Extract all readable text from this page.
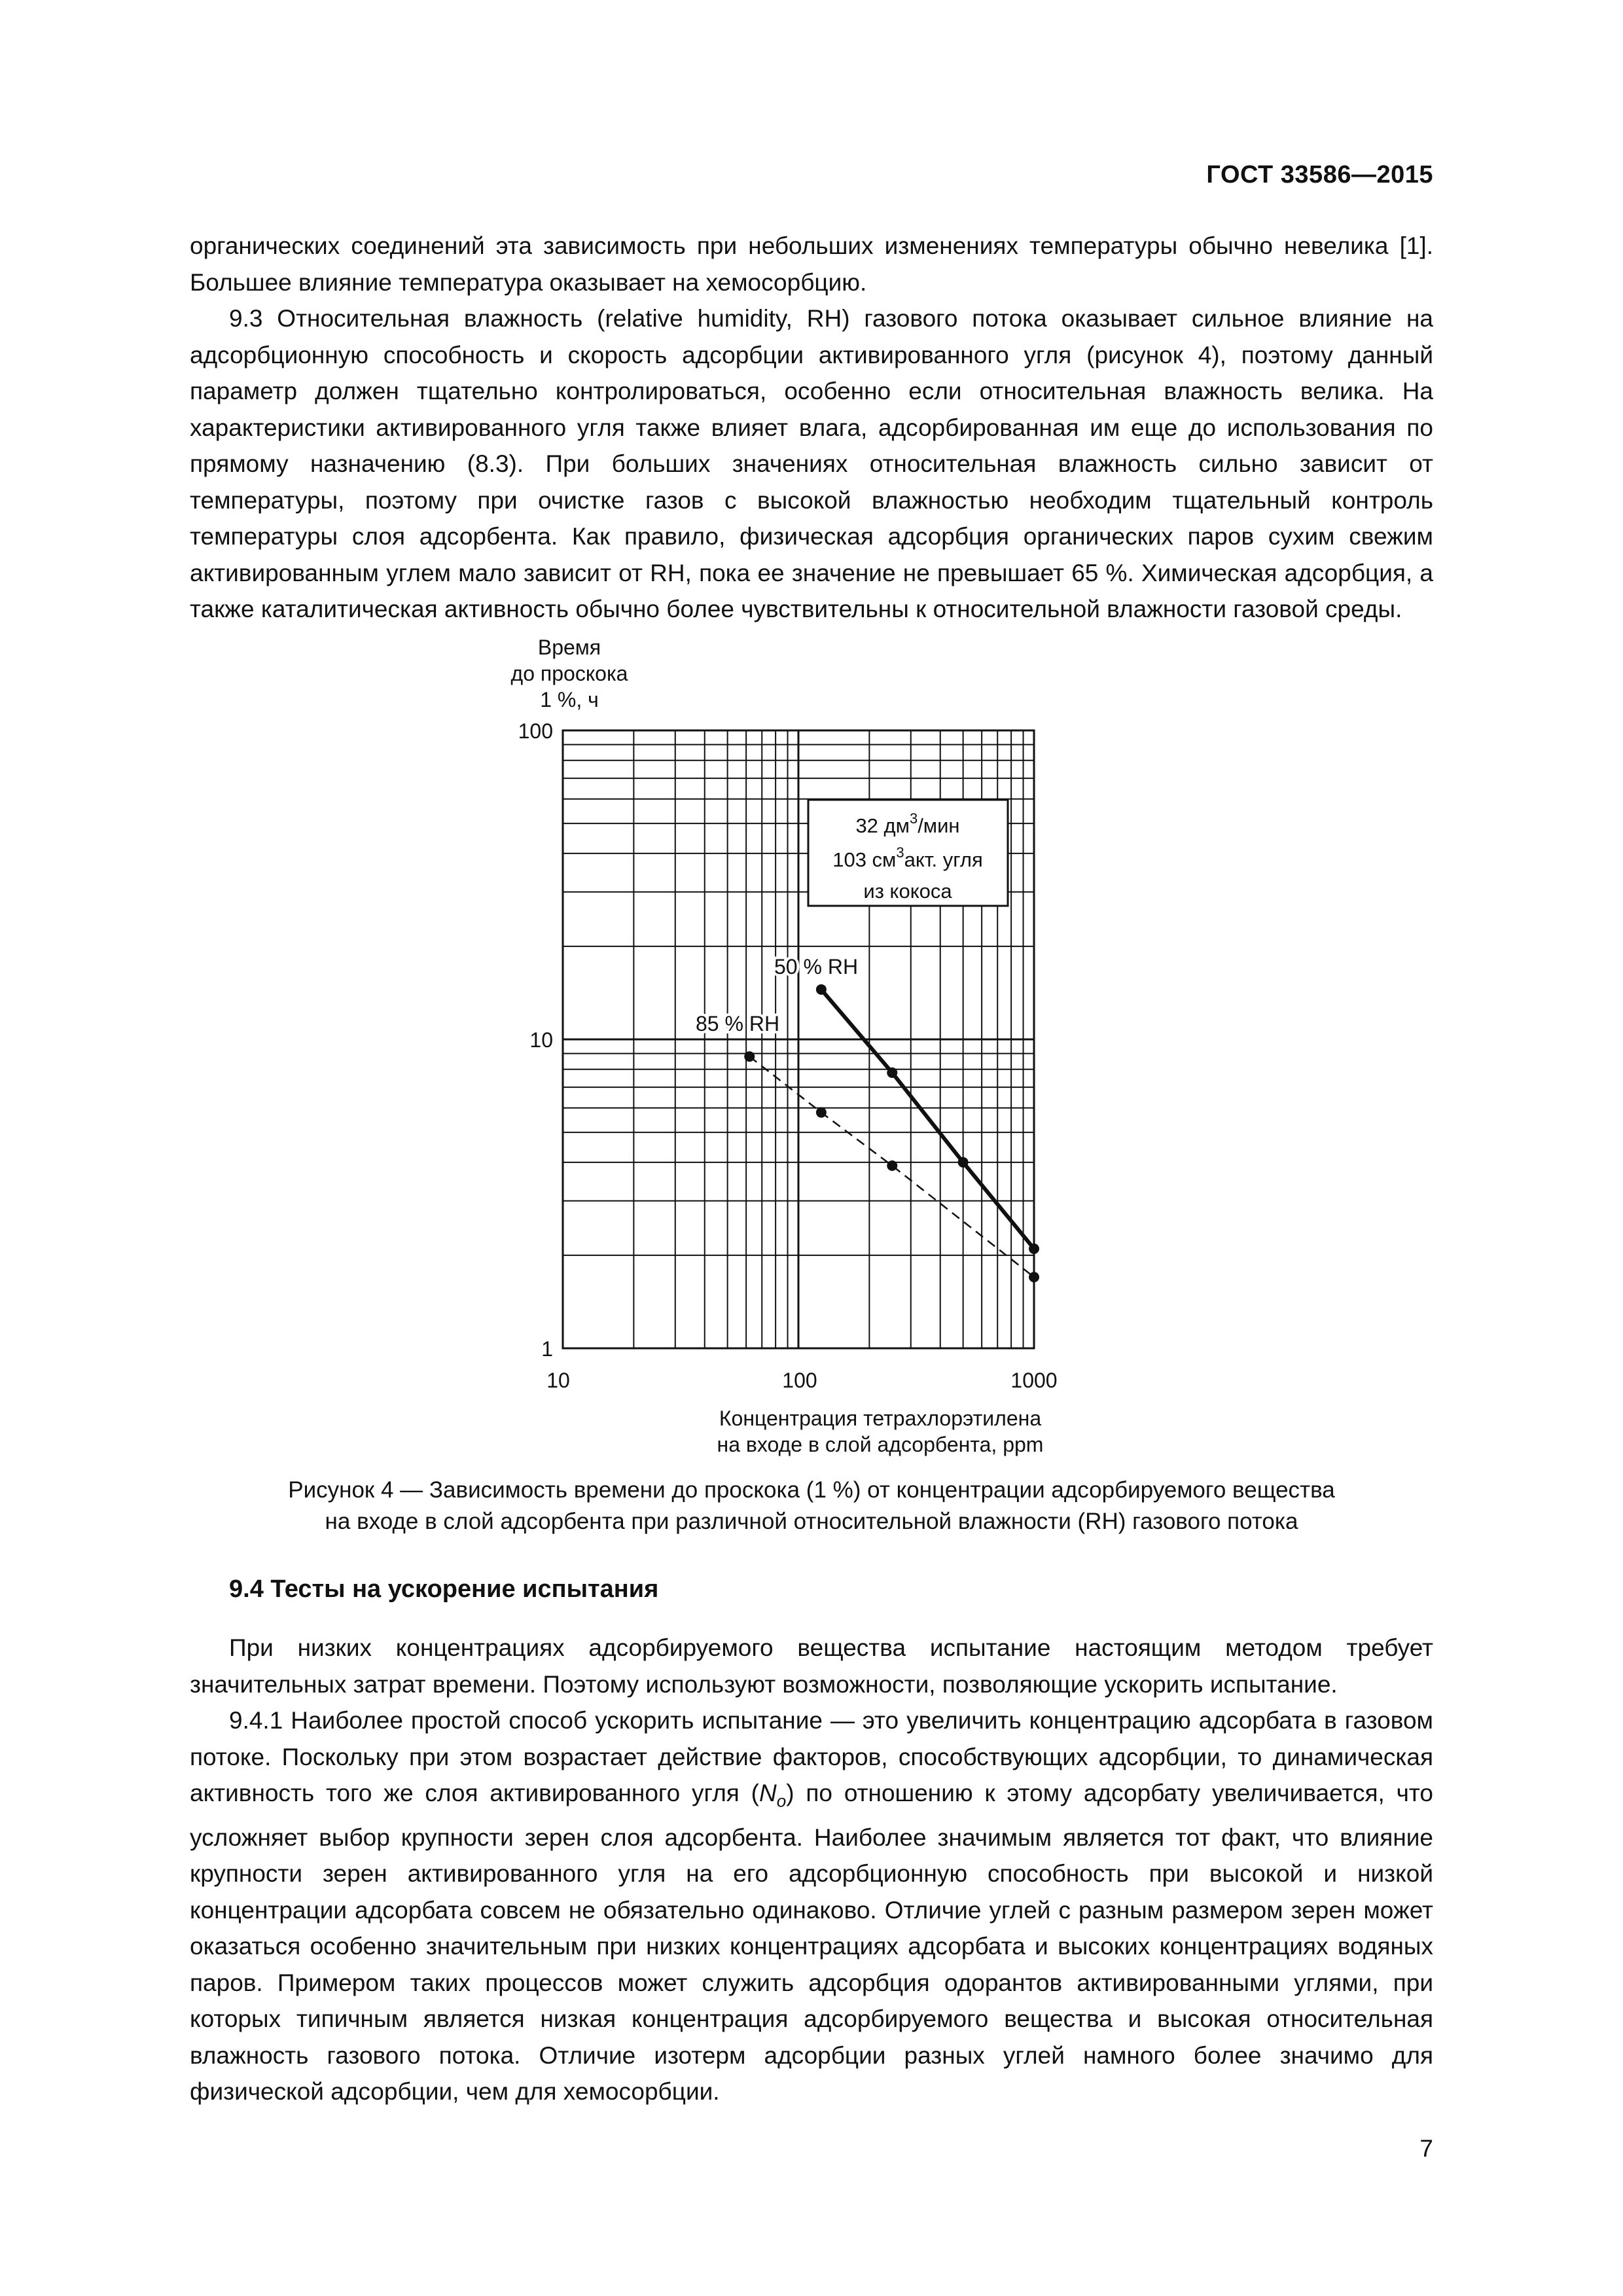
ГОСТ 33586—2015

органических соединений эта зависимость при небольших изменениях температуры обычно невелика [1]. Большее влияние температура оказывает на хемосорбцию.

9.3 Относительная влажность (relative humidity, RH) газового потока оказывает сильное влияние на адсорбционную способность и скорость адсорбции активированного угля (рисунок 4), поэтому данный параметр должен тщательно контролироваться, особенно если относительная влажность велика. На характеристики активированного угля также влияет влага, адсорбированная им еще до использования по прямому назначению (8.3). При больших значениях относительная влажность сильно зависит от температуры, поэтому при очистке газов с высокой влажностью необходим тщательный контроль температуры слоя адсорбента. Как правило, физическая адсорбция органических паров сухим свежим активированным углем мало зависит от RH, пока ее значение не превышает 65 %. Химическая адсорбция, а также каталитическая активность обычно более чувствительны к относительной влажности газовой среды.

Время
до проскока
1 %, ч
100
10
1
10	100	1000
Концентрация тетрахлорэтилена
на входе в слой адсорбента, ppm
32 $дм^3$/мин
103 $см^3акт$. угля
из кокоса
50 % RH
85 % RH
Рисунок 4 — Зависимость времени до проскока (1 %) от концентрации адсорбируемого вещества
на входе в слой адсорбента при различной относительной влажности (RH) газового потока
9.4 Тесты на ускорение испытания

При низких концентрациях адсорбируемого вещества испытание настоящим методом требует значительных затрат времени. Поэтому используют возможности, позволяющие ускорить испытание.

9.4.1 Наиболее простой способ ускорить испытание — это увеличить концентрацию адсорбата в газовом потоке. Поскольку при этом возрастает действие факторов, способствующих адсорбции, то динамическая активность того же слоя активированного угля $(N_o)$ по отношению к этому адсорбату увеличивается, что усложняет выбор крупности зерен слоя адсорбента. Наиболее значимым является тот факт, что влияние крупности зерен активированного угля на его адсорбционную способность при высокой и низкой концентрации адсорбата совсем не обязательно одинаково. Отличие углей с разным размером зерен может оказаться особенно значительным при низких концентрациях адсорбата и высоких концентрациях водяных паров. Примером таких процессов может служить адсорбция одорантов активированными углями, при которых типичным является низкая концентрация адсорбируемого вещества и высокая относительная влажность газового потока. Отличие изотерм адсорбции разных углей намного более значимо для физической адсорбции, чем для хемосорбции.

7
